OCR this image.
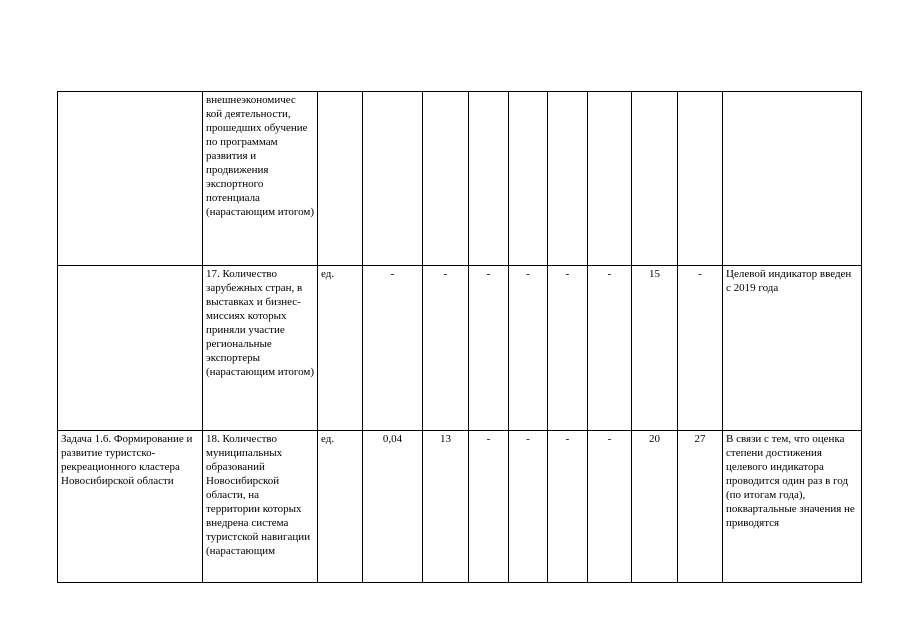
	внешнеэкономичес кой деятельности, прошедших обучение по программам развития и продвижения экспортного потенциала (нарастающим итогом)										
	17. Количество зарубежных стран, в выставках и бизнес-миссиях которых приняли участие региональные экспортеры (нарастающим итогом)	ед.	-	-	-	-	-	-	15	-	Целевой индикатор введен с 2019 года
Задача 1.6. Формирование и развитие туристско-рекреационного кластера Новосибирской области	18. Количество муниципальных образований Новосибирской области, на территории которых внедрена система туристской навигации (нарастающим	ед.	0,04	13	-	-	-	-	20	27	В связи с тем, что оценка степени достижения целевого индикатора проводится один раз в год (по итогам года), поквартальные значения не приводятся
